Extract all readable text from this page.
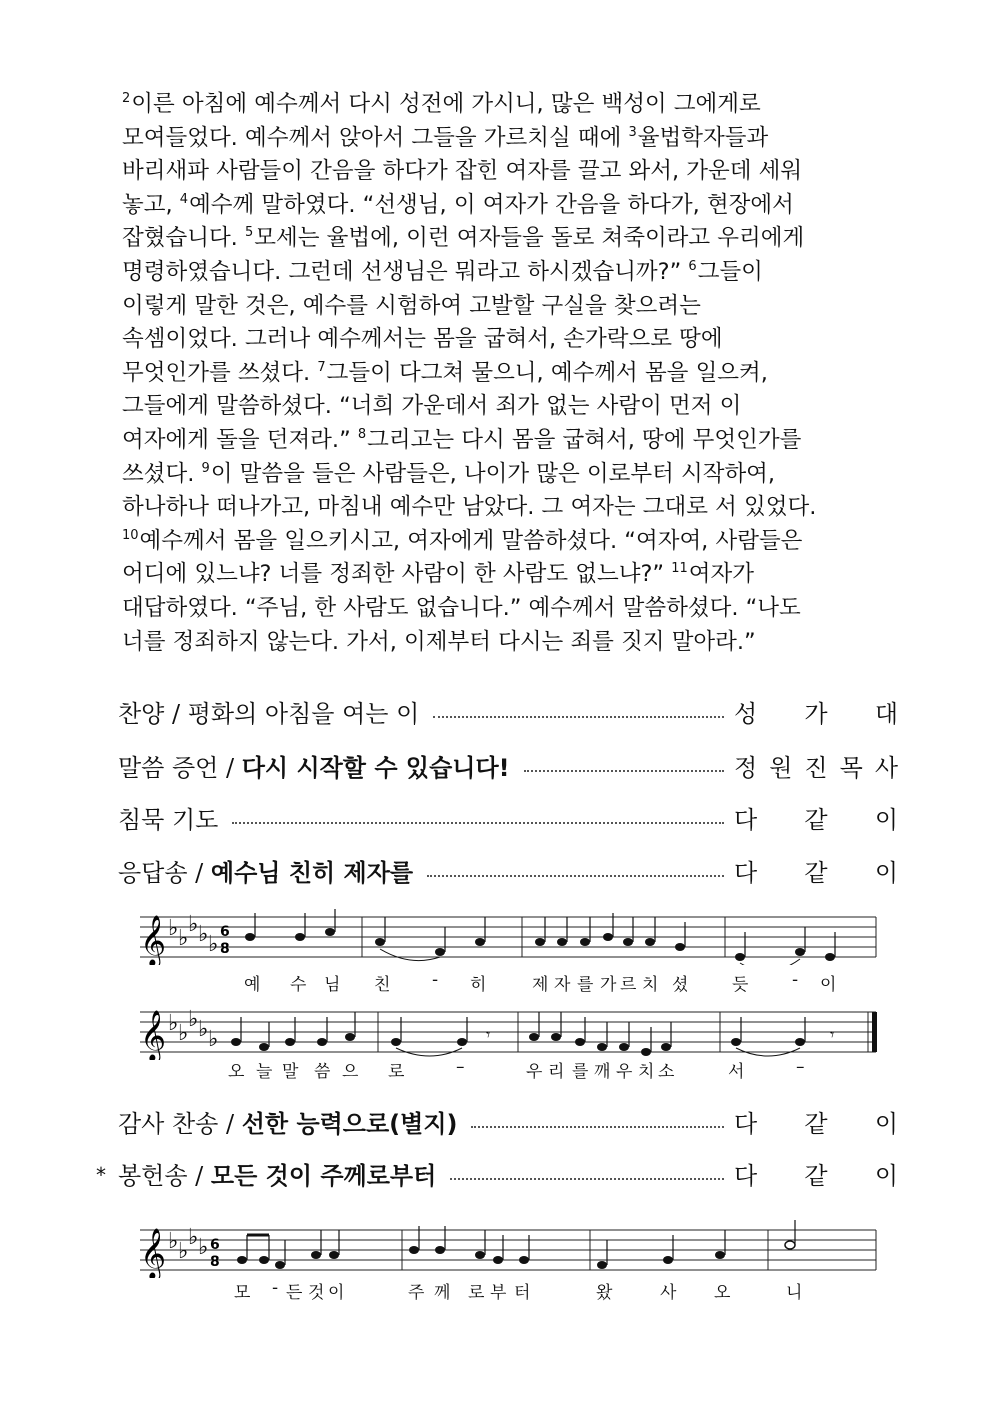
$^2$이른 아침에 예수께서 다시 성전에 가시니, 많은 백성이 그에게로
모여들었다. 예수께서 앉아서 그들을 가르치실 때에 $^3$율법학자들과
바리새파 사람들이 간음을 하다가 잡힌 여자를 끌고 와서, 가운데 세워
놓고, $^4$예수께 말하였다. “선생님, 이 여자가 간음을 하다가, 현장에서
잡혔습니다. $^5$모세는 율법에, 이런 여자들을 돌로 쳐죽이라고 우리에게
명령하였습니다. 그런데 선생님은 뭐라고 하시겠습니까?” $^6$그들이
이렇게 말한 것은, 예수를 시험하여 고발할 구실을 찾으려는
속셈이었다. 그러나 예수께서는 몸을 굽혀서, 손가락으로 땅에
무엇인가를 쓰셨다. $^7$그들이 다그쳐 물으니, 예수께서 몸을 일으켜,
그들에게 말씀하셨다. “너희 가운데서 죄가 없는 사람이 먼저 이
여자에게 돌을 던져라.” $^8$그리고는 다시 몸을 굽혀서, 땅에 무엇인가를
쓰셨다. $^9$이 말씀을 들은 사람들은, 나이가 많은 이로부터 시작하여,
하나하나 떠나가고, 마침내 예수만 남았다. 그 여자는 그대로 서 있었다.
$^{10}$예수께서 몸을 일으키시고, 여자에게 말씀하셨다. “여자여, 사람들은
어디에 있느냐? 너를 정죄한 사람이 한 사람도 없느냐?” $^{11}$여자가
대답하였다. “주님, 한 사람도 없습니다.” 예수께서 말씀하셨다. “나도
너를 정죄하지 않는다. 가서, 이제부터 다시는 죄를 짓지 말아라.”
찬양 / 평화의 아침을 여는 이	성 가 대
말씀 증언 / 다시 시작할 수 있습니다!	정 원 진 목 사
침묵 기도	다 같 이
응답송 / 예수님 친히 제자를	다 같 이
감사 찬송 / 선한 능력으로(별지)	다 같 이
봉헌송 / 모든 것이 주께로부터	다 같 이
*
𝄞 ♭ ♭
♭ ♭ ♭ 6
8
예 수 님 친 - 히	제 자 를 가 르 치 셨	듯	- 이
𝄞 ♭ ♭
♭ ♭ ♭	𝄾	𝄾
오 늘 말 씀 으 로	–	우 리 를 깨 우 치 소	서	–
𝄞 ♭ ♭
♭ ♭ 6
8
모 - 든 것 이	주 께 로 부 터	왔	사 오	니
